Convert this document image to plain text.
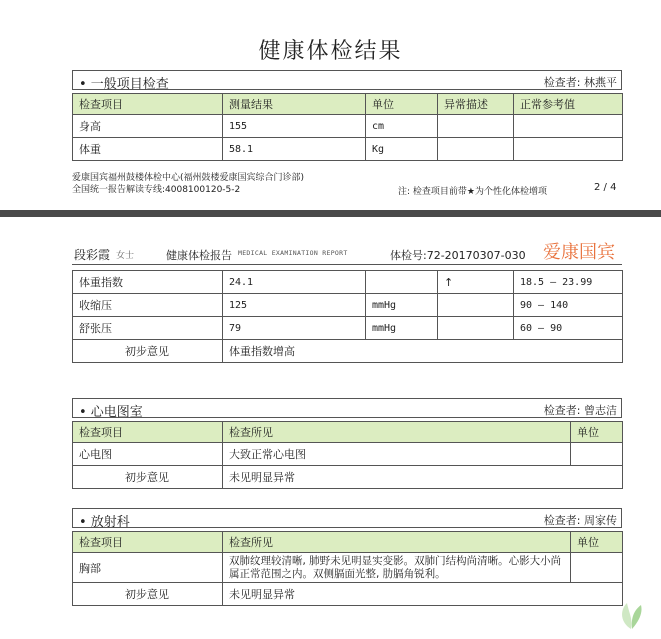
健康体检结果
• 一般项目检查	检查者: 林燕平
检查项目	测量结果	单位	异常描述	正常参考值
身高	155	cm		
体重	58.1	Kg		
爱康国宾福州鼓楼体检中心(福州鼓楼爱康国宾综合门诊部)
全国统一报告解读专线:4008100120-5-2	注: 检查项目前带★为个性化体检增项	2 / 4
段彩霞 女士	健康体检报告 MEDICAL EXAMINATION REPORT	体检号:72-20170307-030 爱康国宾
体重指数	24.1		↑	18.5 — 23.99
收缩压	125	mmHg		90 — 140
舒张压	79	mmHg		60 — 90
初步意见	体重指数增高			
• 心电图室	检查者: 曾志洁
检查项目	检查所见	单位
心电图	大致正常心电图	
初步意见	未见明显异常	
• 放射科	检查者: 周家传
检查项目	检查所见	单位
胸部	双肺纹理较清晰, 肺野未见明显实变影。双肺门结构尚清晰。心影大小尚属正常范围之内。双侧膈面光整, 肋膈角锐利。	
初步意见	未见明显异常	
